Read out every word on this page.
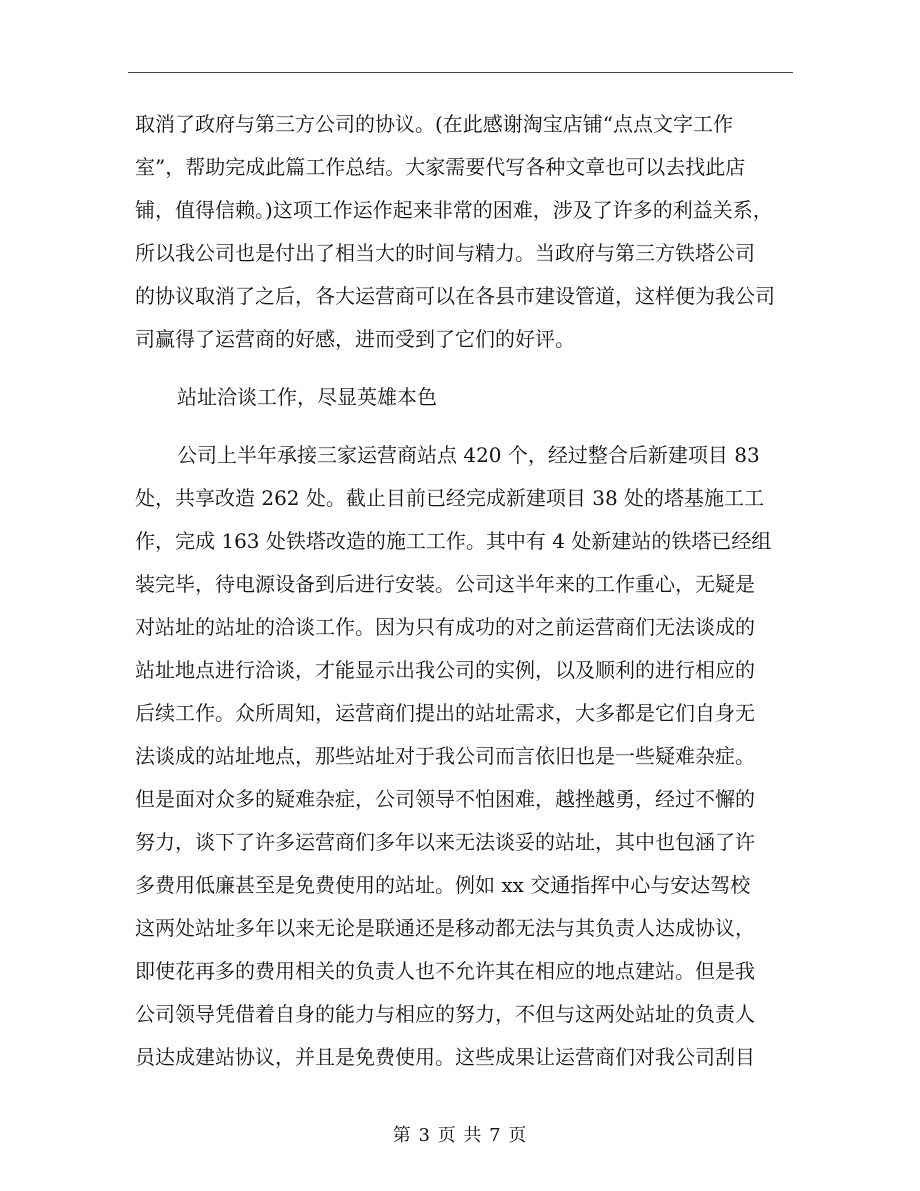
取消了政府与第三方公司的协议。(在此感谢淘宝店铺“点点文字工作
室”，帮助完成此篇工作总结。大家需要代写各种文章也可以去找此店
铺，值得信赖。)这项工作运作起来非常的困难，涉及了许多的利益关系，
所以我公司也是付出了相当大的时间与精力。当政府与第三方铁塔公司
的协议取消了之后，各大运营商可以在各县市建设管道，这样便为我公司
司赢得了运营商的好感，进而受到了它们的好评。
站址洽谈工作，尽显英雄本色
公司上半年承接三家运营商站点 420 个，经过整合后新建项目 83
处，共享改造 262 处。截止目前已经完成新建项目 38 处的塔基施工工
作，完成 163 处铁塔改造的施工工作。其中有 4 处新建站的铁塔已经组
装完毕，待电源设备到后进行安装。公司这半年来的工作重心，无疑是
对站址的站址的洽谈工作。因为只有成功的对之前运营商们无法谈成的
站址地点进行洽谈，才能显示出我公司的实例，以及顺利的进行相应的
后续工作。众所周知，运营商们提出的站址需求，大多都是它们自身无
法谈成的站址地点，那些站址对于我公司而言依旧也是一些疑难杂症。
但是面对众多的疑难杂症，公司领导不怕困难，越挫越勇，经过不懈的
努力，谈下了许多运营商们多年以来无法谈妥的站址，其中也包涵了许
多费用低廉甚至是免费使用的站址。例如 xx 交通指挥中心与安达驾校
这两处站址多年以来无论是联通还是移动都无法与其负责人达成协议，
即使花再多的费用相关的负责人也不允许其在相应的地点建站。但是我
公司领导凭借着自身的能力与相应的努力，不但与这两处站址的负责人
员达成建站协议，并且是免费使用。这些成果让运营商们对我公司刮目
第 3 页 共 7 页
